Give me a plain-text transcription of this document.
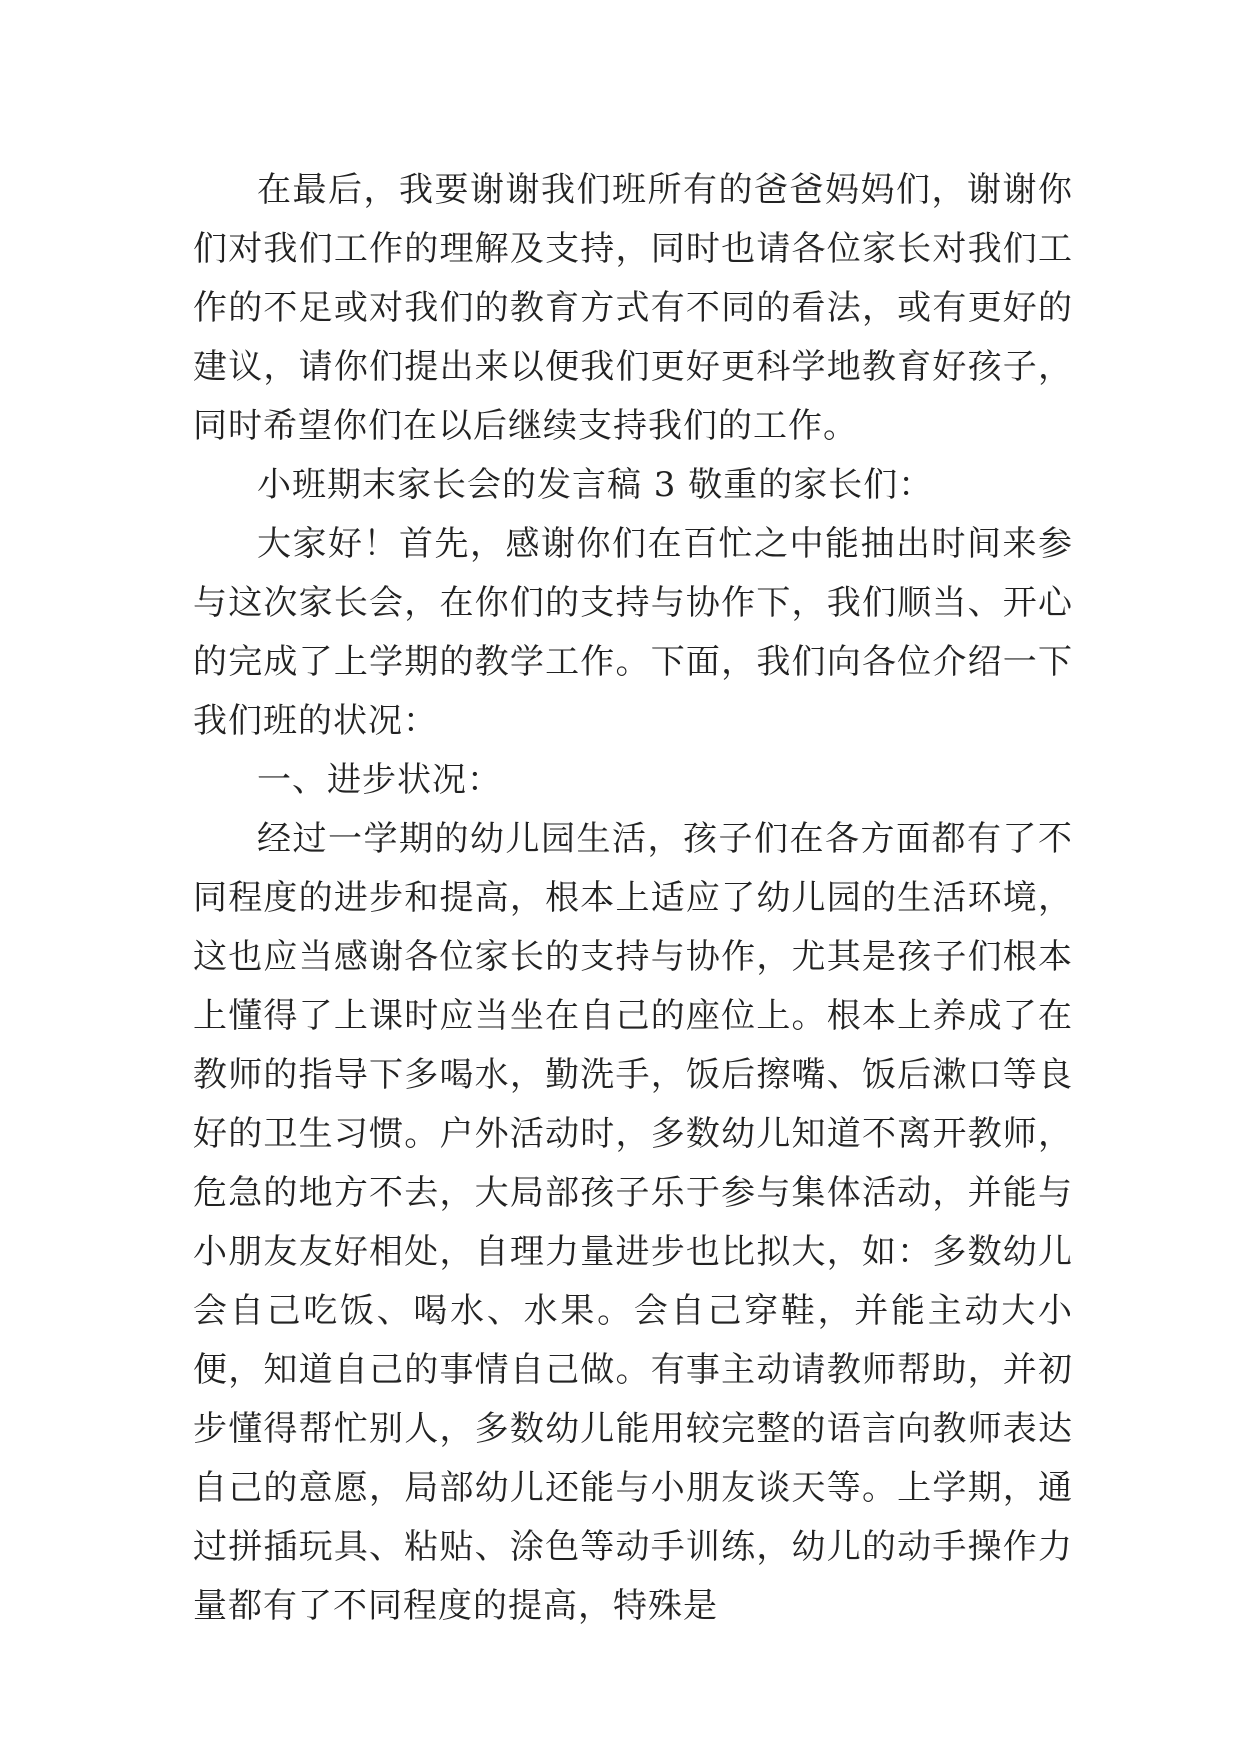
在最后，我要谢谢我们班所有的爸爸妈妈们，谢谢你们对我们工作的理解及支持，同时也请各位家长对我们工作的不足或对我们的教育方式有不同的看法，或有更好的建议，请你们提出来以便我们更好更科学地教育好孩子，同时希望你们在以后继续支持我们的工作。

小班期末家长会的发言稿 3 敬重的家长们：

大家好！首先，感谢你们在百忙之中能抽出时间来参与这次家长会，在你们的支持与协作下，我们顺当、开心的完成了上学期的教学工作。下面，我们向各位介绍一下我们班的状况：

一、进步状况：

经过一学期的幼儿园生活，孩子们在各方面都有了不同程度的进步和提高，根本上适应了幼儿园的生活环境，这也应当感谢各位家长的支持与协作，尤其是孩子们根本上懂得了上课时应当坐在自己的座位上。根本上养成了在教师的指导下多喝水，勤洗手，饭后擦嘴、饭后漱口等良好的卫生习惯。户外活动时，多数幼儿知道不离开教师，危急的地方不去，大局部孩子乐于参与集体活动，并能与小朋友友好相处，自理力量进步也比拟大，如：多数幼儿会自己吃饭、喝水、水果。会自己穿鞋，并能主动大小便，知道自己的事情自己做。有事主动请教师帮助，并初步懂得帮忙别人，多数幼儿能用较完整的语言向教师表达自己的意愿，局部幼儿还能与小朋友谈天等。上学期，通过拼插玩具、粘贴、涂色等动手训练，幼儿的动手操作力量都有了不同程度的提高，特殊是
